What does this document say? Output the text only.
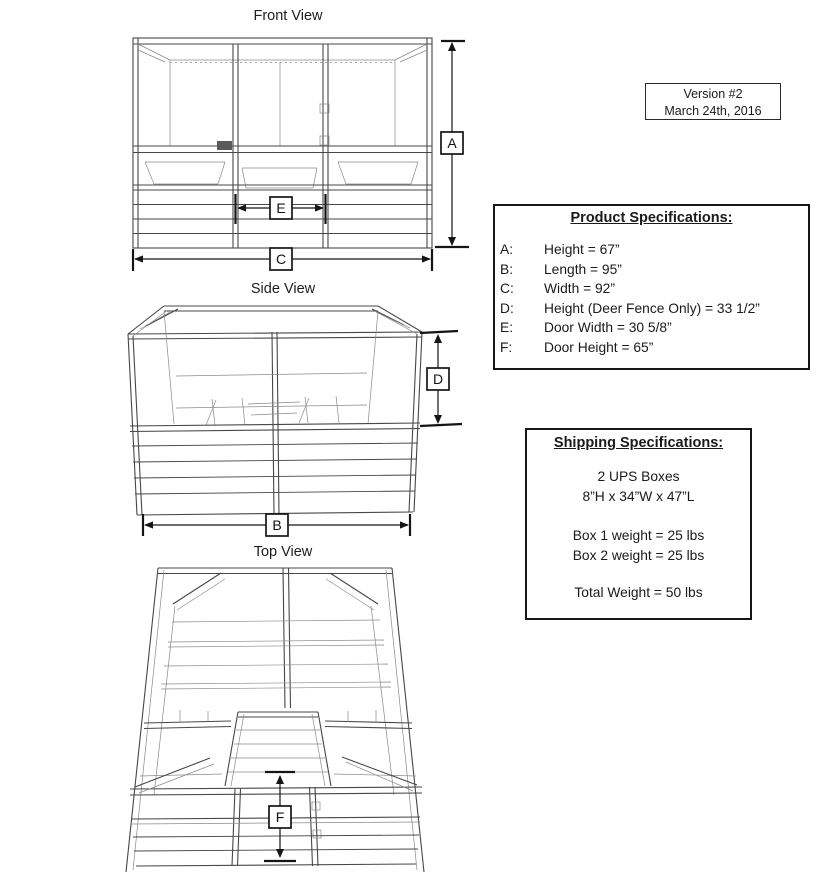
Front View
E
A
C
Version #2
March 24th, 2016
Product Specifications:
A:	Height = 67”
B:	Length = 95”
C:	Width = 92”
D:	Height (Deer Fence Only) = 33 1/2”
E:	Door Width = 30 5/8”
F:	Door Height = 65”
Side View
D
B
Shipping Specifications:
2 UPS Boxes
8”H x 34”W x 47”L
Box 1 weight = 25 lbs
Box 2 weight = 25 lbs
Total Weight = 50 lbs
Top View
F
